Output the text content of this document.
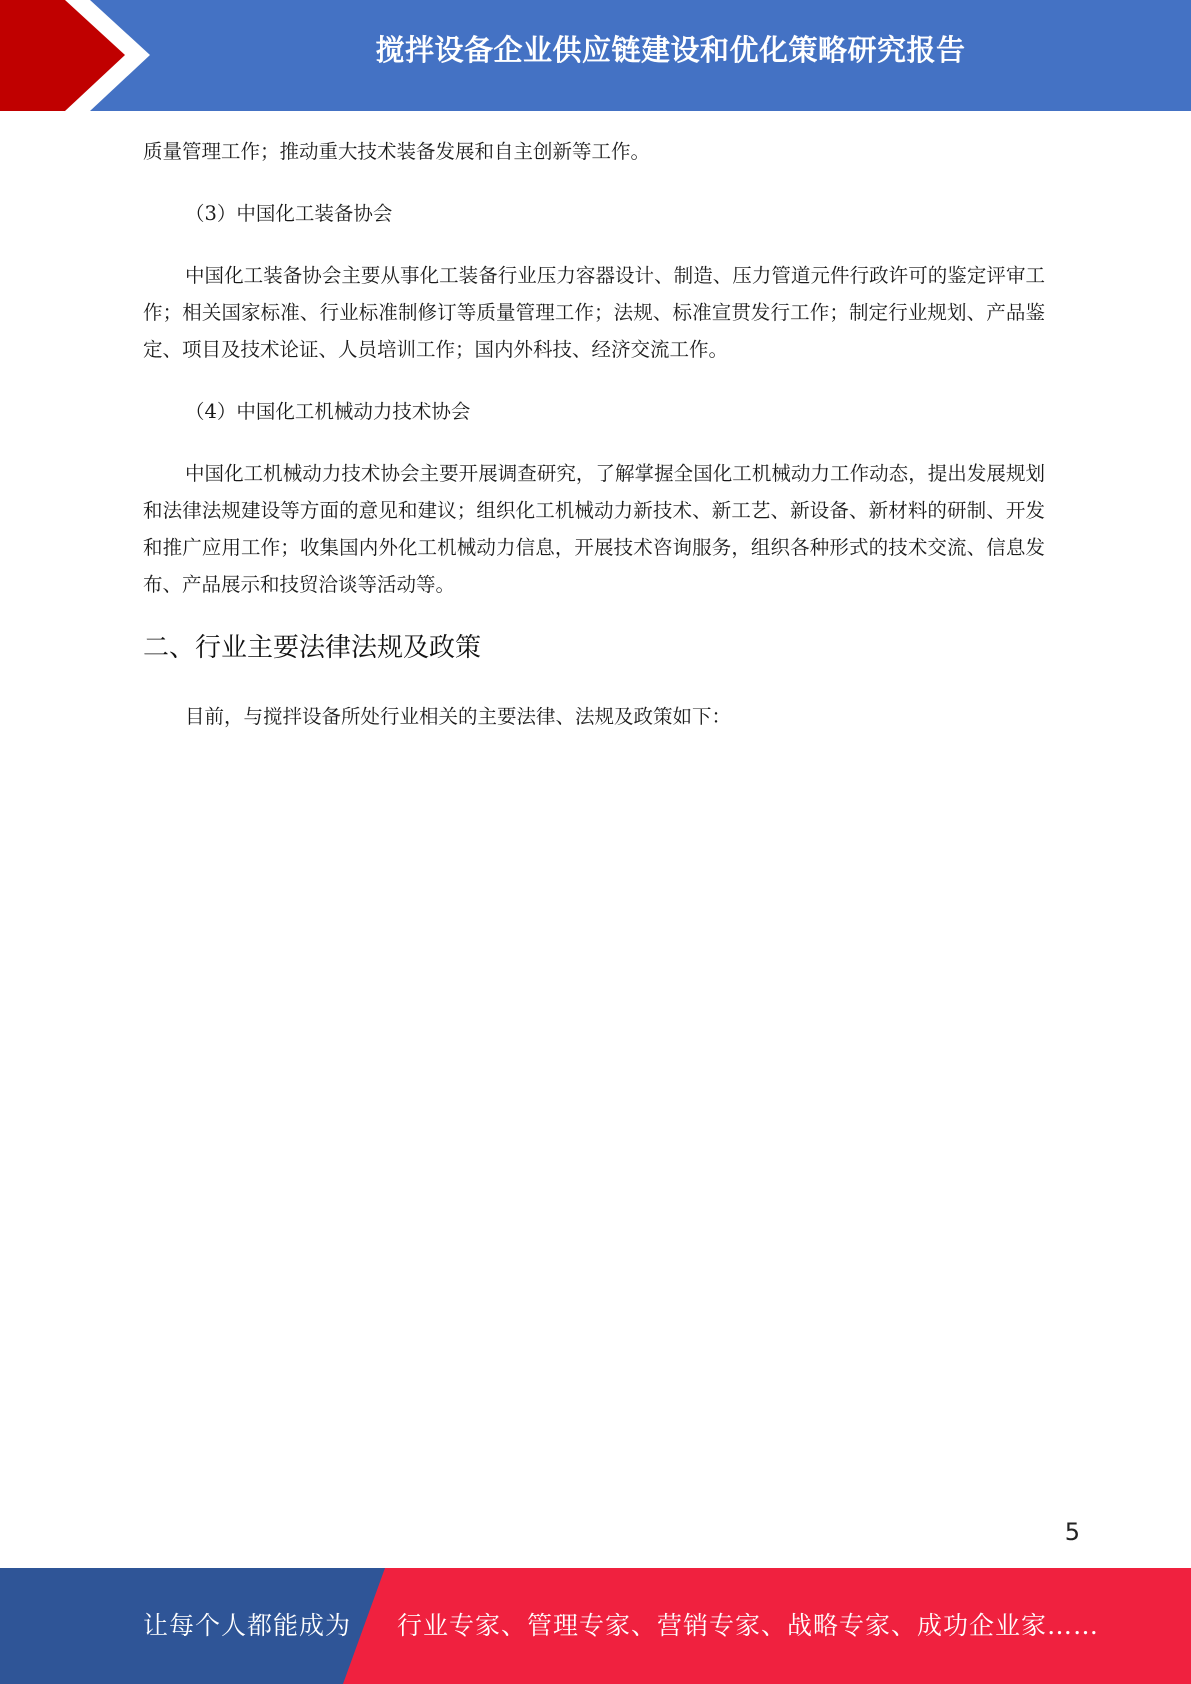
搅拌设备企业供应链建设和优化策略研究报告

质量管理工作；推动重大技术装备发展和自主创新等工作。

（3）中国化工装备协会

中国化工装备协会主要从事化工装备行业压力容器设计、制造、压力管道元件行政许可的鉴定评审工作；相关国家标准、行业标准制修订等质量管理工作；法规、标准宣贯发行工作；制定行业规划、产品鉴定、项目及技术论证、人员培训工作；国内外科技、经济交流工作。

（4）中国化工机械动力技术协会

中国化工机械动力技术协会主要开展调查研究，了解掌握全国化工机械动力工作动态，提出发展规划和法律法规建设等方面的意见和建议；组织化工机械动力新技术、新工艺、新设备、新材料的研制、开发和推广应用工作；收集国内外化工机械动力信息，开展技术咨询服务，组织各种形式的技术交流、信息发布、产品展示和技贸洽谈等活动等。

二、行业主要法律法规及政策

目前，与搅拌设备所处行业相关的主要法律、法规及政策如下：

5
让每个人都能成为 行业专家、管理专家、营销专家、战略专家、成功企业家……
